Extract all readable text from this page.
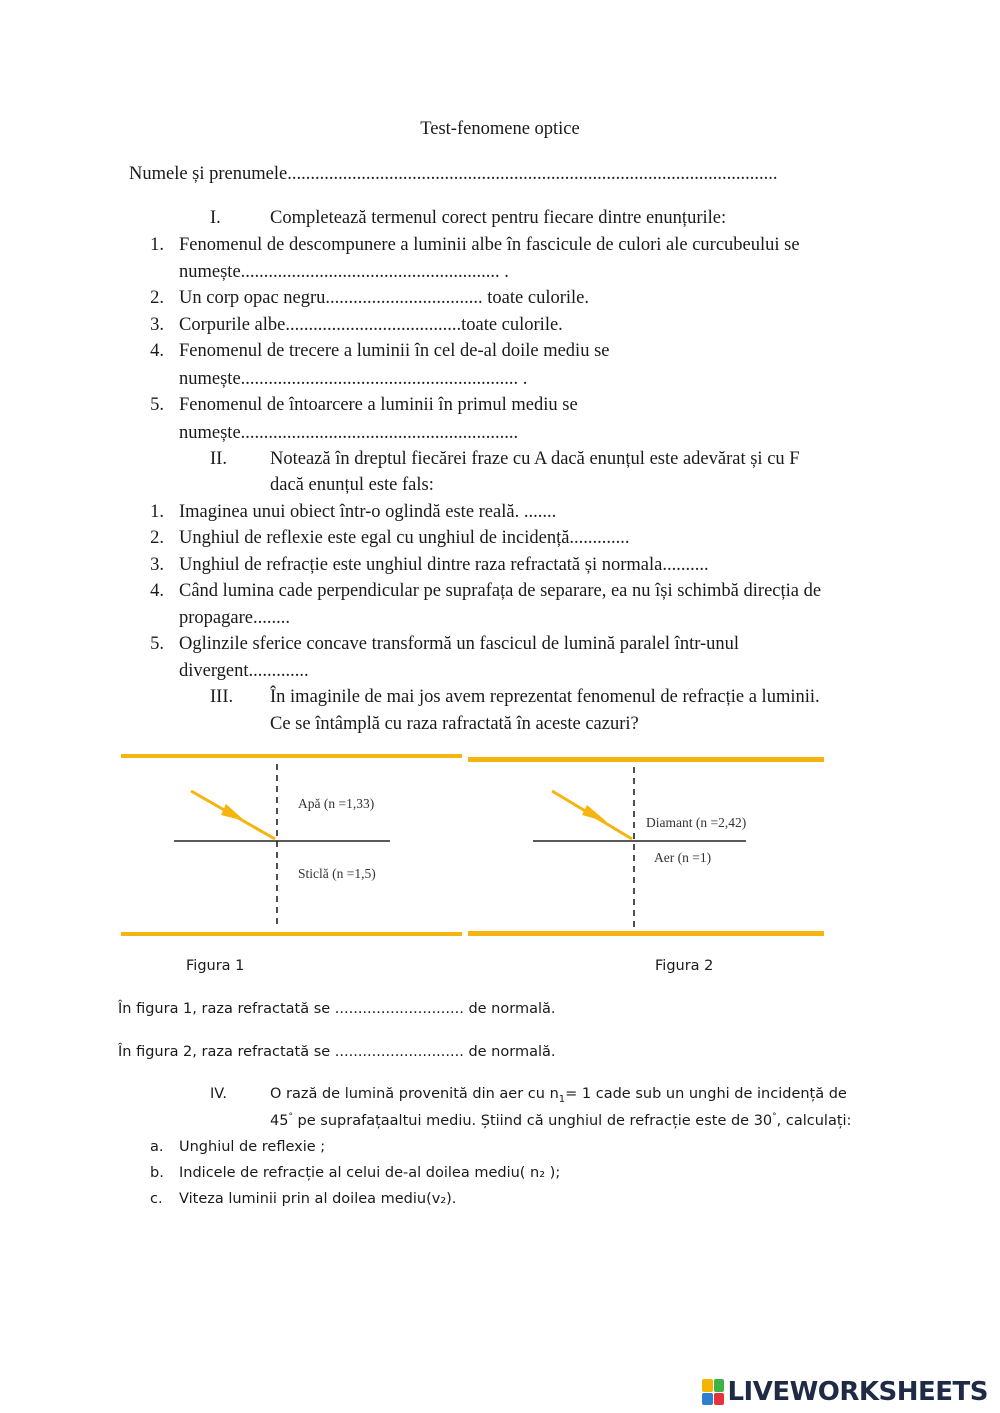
Test-fenomene optice
Numele și prenumele..........................................................................................................
I.	Completează termenul corect pentru fiecare dintre enunțurile:
1. Fenomenul de descompunere a luminii albe în fascicule de culori ale curcubeului se
numește........................................................ .
2. Un corp opac negru.................................. toate culorile.
3. Corpurile albe......................................toate culorile.
4. Fenomenul de trecere a luminii în cel de-al doile mediu se
numește............................................................ .
5. Fenomenul de întoarcere a luminii în primul mediu se
numește............................................................
II. Notează în dreptul fiecărei fraze cu A dacă enunțul este adevărat și cu F
dacă enunțul este fals:
1. Imaginea unui obiect într-o oglindă este reală. .......
2. Unghiul de reflexie este egal cu unghiul de incidență.............
3. Unghiul de refracție este unghiul dintre raza refractată și normala..........
4. Când lumina cade perpendicular pe suprafața de separare, ea nu își schimbă direcția de
propagare........
5. Oglinzile sferice concave transformă un fascicul de lumină paralel într-unul
divergent.............
III. În imaginile de mai jos avem reprezentat fenomenul de refracție a luminii.
Ce se întâmplă cu raza rafractată în aceste cazuri?
Apă (n =1,33)
Sticlă (n =1,5)
Diamant (n =2,42)
Aer (n =1)
Figura 1	Figura 2
În figura 1, raza refractată se ............................ de normală.
În figura 2, raza refractată se ............................ de normală.
IV.	O rază de lumină provenită din aer cu $n_1= 1$ cade sub un unghi de incidență de
45° pe suprafațaaltui mediu. Știind că unghiul de refracție este de 30°, calculați:
a. Unghiul de reflexie ;
b. Indicele de refracție al celui de-al doilea mediu( n₂ );
c. Viteza luminii prin al doilea mediu(v₂).
LIVEWORKSHEETS
